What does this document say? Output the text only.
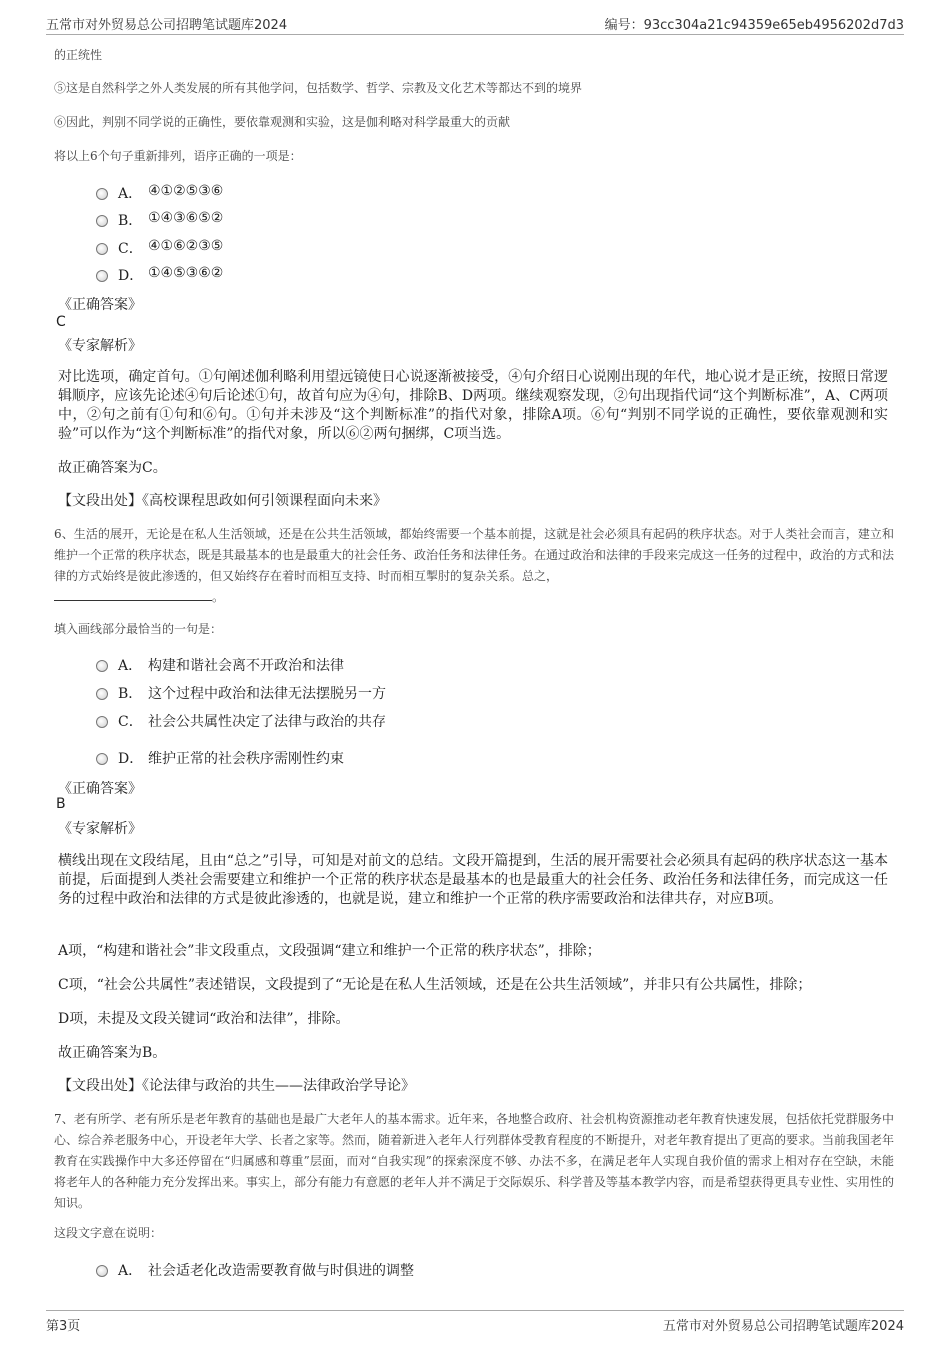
五常市对外贸易总公司招聘笔试题库2024	编号：93cc304a21c94359e65eb4956202d7d3
的正统性
⑤这是自然科学之外人类发展的所有其他学问，包括数学、哲学、宗教及文化艺术等都达不到的境界
⑥因此，判别不同学说的正确性，要依靠观测和实验，这是伽利略对科学最重大的贡献
将以上6个句子重新排列，语序正确的一项是：
A． ④①②⑤③⑥
B． ①④③⑥⑤②
C． ④①⑥②③⑤
D． ①④⑤③⑥②
《正确答案》
C
《专家解析》
对比选项，确定首句。①句阐述伽利略利用望远镜使日心说逐渐被接受，④句介绍日心说刚出现的年代，地心说才是正统，按照日常逻辑顺序，应该先论述④句后论述①句，故首句应为④句，排除B、D两项。继续观察发现，②句出现指代词“这个判断标准”，A、C两项中，②句之前有①句和⑥句。①句并未涉及“这个判断标准”的指代对象，排除A项。⑥句“判别不同学说的正确性，要依靠观测和实验”可以作为“这个判断标准”的指代对象，所以⑥②两句捆绑，C项当选。
故正确答案为C。
【文段出处】《高校课程思政如何引领课程面向未来》
6、生活的展开，无论是在私人生活领域，还是在公共生活领域，都始终需要一个基本前提，这就是社会必须具有起码的秩序状态。对于人类社会而言，建立和维护一个正常的秩序状态，既是其最基本的也是最重大的社会任务、政治任务和法律任务。在通过政治和法律的手段来完成这一任务的过程中，政治的方式和法律的方式始终是彼此渗透的，但又始终存在着时而相互支持、时而相互掣肘的复杂关系。总之，
。
填入画线部分最恰当的一句是：
A． 构建和谐社会离不开政治和法律
B． 这个过程中政治和法律无法摆脱另一方
C． 社会公共属性决定了法律与政治的共存
D． 维护正常的社会秩序需刚性约束
《正确答案》
B
《专家解析》
横线出现在文段结尾，且由“总之”引导，可知是对前文的总结。文段开篇提到，生活的展开需要社会必须具有起码的秩序状态这一基本前提，后面提到人类社会需要建立和维护一个正常的秩序状态是最基本的也是最重大的社会任务、政治任务和法律任务，而完成这一任务的过程中政治和法律的方式是彼此渗透的，也就是说，建立和维护一个正常的秩序需要政治和法律共存，对应B项。
A项，“构建和谐社会”非文段重点，文段强调“建立和维护一个正常的秩序状态”，排除；
C项，“社会公共属性”表述错误，文段提到了“无论是在私人生活领域，还是在公共生活领域”，并非只有公共属性，排除；
D项，未提及文段关键词“政治和法律”，排除。
故正确答案为B。
【文段出处】《论法律与政治的共生——法律政治学导论》
7、老有所学、老有所乐是老年教育的基础也是最广大老年人的基本需求。近年来，各地整合政府、社会机构资源推动老年教育快速发展，包括依托党群服务中心、综合养老服务中心，开设老年大学、长者之家等。然而，随着新进入老年人行列群体受教育程度的不断提升，对老年教育提出了更高的要求。当前我国老年教育在实践操作中大多还停留在“归属感和尊重”层面，而对“自我实现”的探索深度不够、办法不多，在满足老年人实现自我价值的需求上相对存在空缺，未能将老年人的各种能力充分发挥出来。事实上，部分有能力有意愿的老年人并不满足于交际娱乐、科学普及等基本教学内容，而是希望获得更具专业性、实用性的知识。
这段文字意在说明：
A． 社会适老化改造需要教育做与时俱进的调整
第3页	五常市对外贸易总公司招聘笔试题库2024
